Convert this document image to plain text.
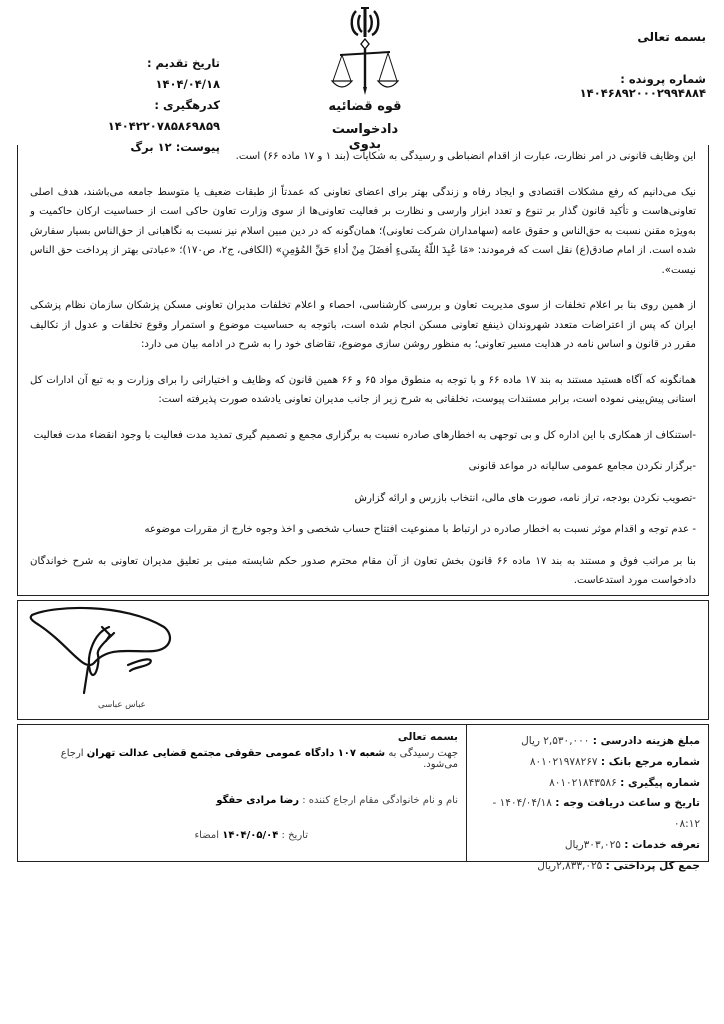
بسمه تعالی
شماره پرونده : ۱۴۰۴۶۸۹۲۰۰۰۲۹۹۴۸۸۴
قوه قضائیه
دادخواست بدوی
تاریخ تقدیم : ۱۴۰۴/۰۴/۱۸
کدرهگیری : ۱۴۰۴۲۲۰۷۸۵۸۶۹۸۵۹
پیوست: ۱۲ برگ

این وظایف قانونی در امر نظارت، عبارت از اقدام انضباطی و رسیدگی به شکایات (بند ۱ و ۱۷ ماده ۶۶) است.

نیک می‌دانیم که رفع مشکلات اقتصادی و ایجاد رفاه و زندگی بهتر برای اعضای تعاونی که عمدتاً از طبقات ضعیف یا متوسط جامعه می‌باشند، هدف اصلی تعاونی‌هاست و تأکید قانون گذار بر تنوع و تعدد ابزار وارسی و نظارت بر فعالیت تعاونی‌ها از سوی وزارت تعاون حاکی است از حساسیت ارکان حاکمیت و به‌ویژه مقنن نسبت به حق‌الناس و حقوق عامه (سهامداران شرکت تعاونی)؛ همان‌گونه که در دین مبین اسلام نیز نسبت به نگاهبانی از حق‌الناس بسیار سفارش شده است. از امام صادق(ع) نقل است که فرمودند: «مَا عُبِدَ اللّهُ بِشَیءٍ أفضَلَ مِنْ أداءِ حَقِّ المُؤمِنِ» (الکافی، ج۲، ص۱۷۰)؛ «عبادتی بهتر از پرداخت حق الناس نیست».

از همین روی بنا بر اعلام تخلفات از سوی مدیریت تعاون و بررسی کارشناسی، احصاء و اعلام تخلفات مدیران تعاونی مسکن پزشکان سازمان نظام پزشکی ایران که پس از اعتراضات متعدد شهروندان ذینفع تعاونی مسکن انجام شده است، باتوجه به حساسیت موضوع و استمرار وقوع تخلفات و عدول از تکالیف مقرر در قانون و اساس نامه در هدایت مسیر تعاونی؛ به منظور روشن سازی موضوع، تقاضای خود را به شرح در ادامه بیان می دارد:

همانگونه که آگاه هستید مستند به بند ۱۷ ماده ۶۶ و با توجه به منطوق مواد ۶۵ و ۶۶ همین قانون که وظایف و اختیاراتی را برای وزارت و به تبع آن ادارات کل استانی پیش‌بینی نموده است، برابر مستندات پیوست، تخلفاتی به شرح زیر از جانب مدیران تعاونی یادشده صورت پذیرفته است:

-استنکاف از همکاری با این اداره کل و بی توجهی به اخطارهای صادره نسبت به برگزاری مجمع و تصمیم گیری تمدید مدت فعالیت با وجود انقضاء مدت فعالیت

-برگزار نکردن مجامع عمومی سالیانه در مواعد قانونی

-تصویب نکردن بودجه، تراز نامه، صورت های مالی، انتخاب بازرس و ارائه گزارش

- عدم توجه و اقدام موثر نسبت به اخطار صادره در ارتباط با ممنوعیت افتتاح حساب شخصی و اخذ وجوه خارج از مقررات موضوعه

بنا بر مراتب فوق و مستند به بند ۱۷ ماده ۶۶ قانون بخش تعاون از آن مقام محترم صدور حکم شایسته مبنی بر تعلیق مدیران تعاونی به شرح خواندگان دادخواست مورد استدعاست.

عباس عباسی
مبلغ هزینه دادرسی : ۲,۵۳۰,۰۰۰ ریال
شماره مرجع بانک : ۸۰۱۰۲۱۹۷۸۲۶۷
شماره پیگیری : ۸۰۱۰۲۱۸۴۳۵۸۶
تاریخ و ساعت دریافت وجه : ۱۴۰۴/۰۴/۱۸ - ۰۸:۱۲
تعرفه خدمات : ۳۰۳,۰۲۵ریال
جمع کل پرداختی : ۲,۸۳۳,۰۲۵ریال
بسمه تعالی
جهت رسیدگی به شعبه ۱۰۷ دادگاه عمومی حقوقی مجتمع قضایی عدالت تهران ارجاع می‌شود.
نام و نام خانوادگی مقام ارجاع کننده : رضا مرادی حقگو
تاریخ : ۱۴۰۴/۰۵/۰۴ امضاء
